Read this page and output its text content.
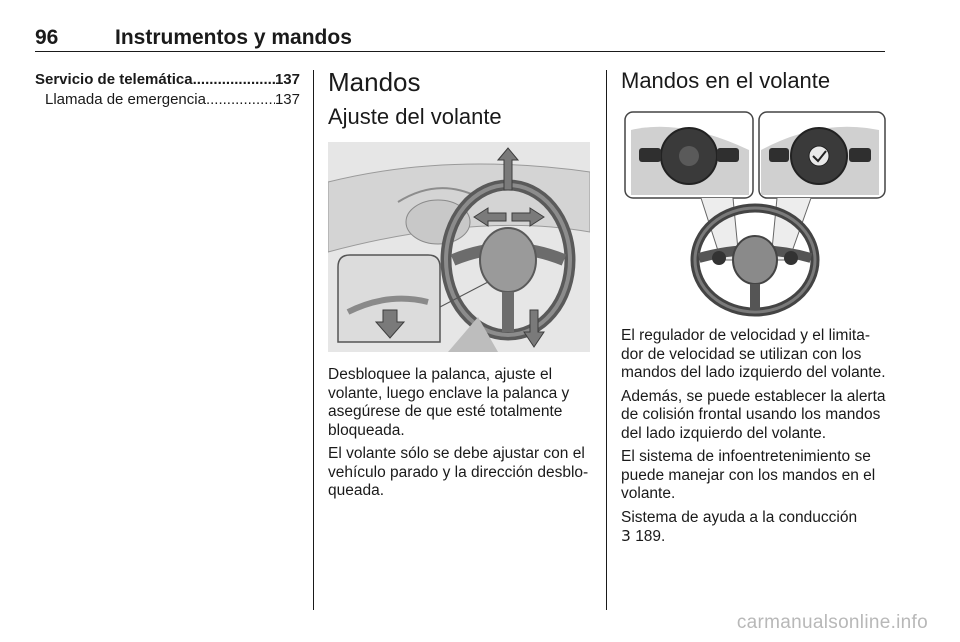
96	Instrumentos y mandos
Servicio de telemática .....	137
Llamada de emergencia .....	137
Mandos
Ajuste del volante

Desbloquee la palanca, ajuste el volante, luego enclave la palanca y asegúrese de que esté totalmente bloqueada.

El volante sólo se debe ajustar con el vehículo parado y la dirección desblo-queada.

Mandos en el volante

El regulador de velocidad y el limita-dor de velocidad se utilizan con los mandos del lado izquierdo del volante.

Además, se puede establecer la alerta de colisión frontal usando los mandos del lado izquierdo del volante.

El sistema de infoentretenimiento se puede manejar con los mandos en el volante.

Sistema de ayuda a la conducción
3 189.

carmanualsonline.info
